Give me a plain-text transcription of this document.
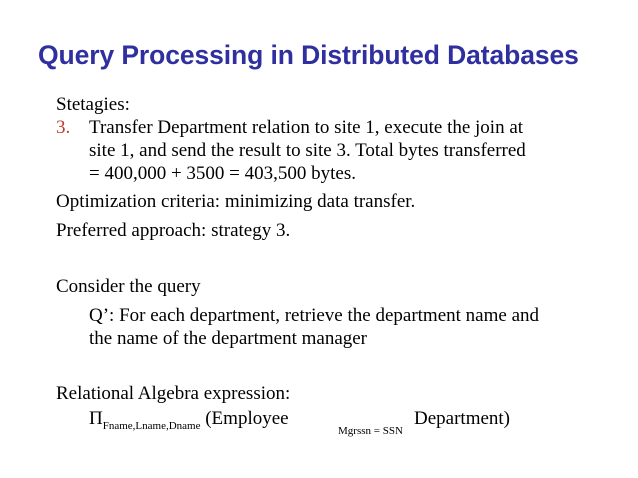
Query Processing in Distributed Databases
Stetagies:
3. Transfer Department relation to site 1, execute the join at
site 1, and send the result to site 3. Total bytes transferred
= 400,000 + 3500 = 403,500 bytes.
Optimization criteria: minimizing data transfer.
Preferred approach: strategy 3.
Consider the query
Q’: For each department, retrieve the department name and
the name of the department manager
Relational Algebra expression:
$\Pi_{Fname,Lname,Dname}$ (Employee
Mgrssn = SSN
Department)
